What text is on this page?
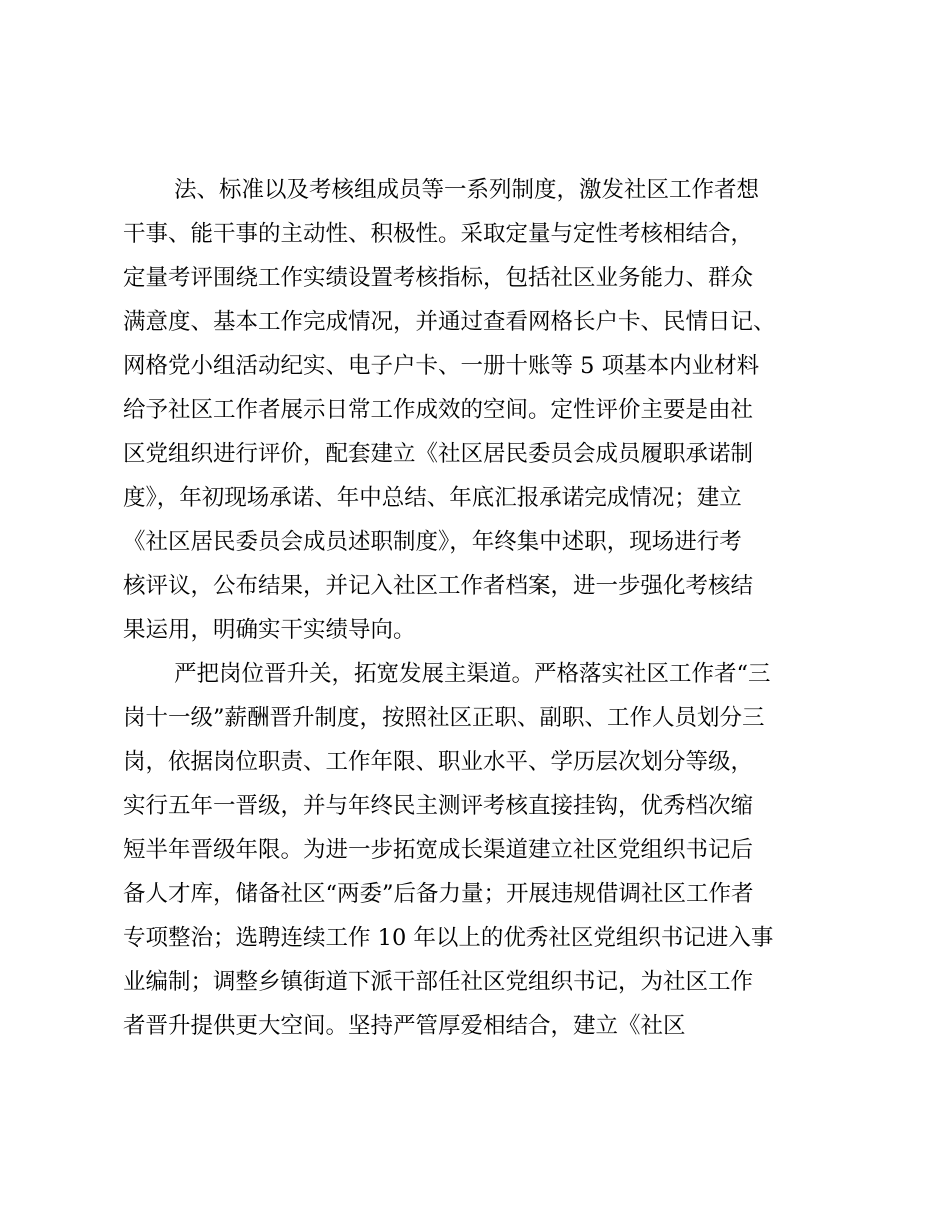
法、标准以及考核组成员等一系列制度，激发社区工作者想
干事、能干事的主动性、积极性。采取定量与定性考核相结合，
定量考评围绕工作实绩设置考核指标，包括社区业务能力、群众
满意度、基本工作完成情况，并通过查看网格长户卡、民情日记、
网格党小组活动纪实、电子户卡、一册十账等 5 项基本内业材料
给予社区工作者展示日常工作成效的空间。定性评价主要是由社
区党组织进行评价，配套建立《社区居民委员会成员履职承诺制
度》，年初现场承诺、年中总结、年底汇报承诺完成情况；建立
《社区居民委员会成员述职制度》，年终集中述职，现场进行考
核评议，公布结果，并记入社区工作者档案，进一步强化考核结
果运用，明确实干实绩导向。
严把岗位晋升关，拓宽发展主渠道。严格落实社区工作者“三
岗十一级”薪酬晋升制度，按照社区正职、副职、工作人员划分三
岗，依据岗位职责、工作年限、职业水平、学历层次划分等级，
实行五年一晋级，并与年终民主测评考核直接挂钩，优秀档次缩
短半年晋级年限。为进一步拓宽成长渠道建立社区党组织书记后
备人才库，储备社区“两委”后备力量；开展违规借调社区工作者
专项整治；选聘连续工作 10 年以上的优秀社区党组织书记进入事
业编制；调整乡镇街道下派干部任社区党组织书记，为社区工作
者晋升提供更大空间。坚持严管厚爱相结合，建立《社区
